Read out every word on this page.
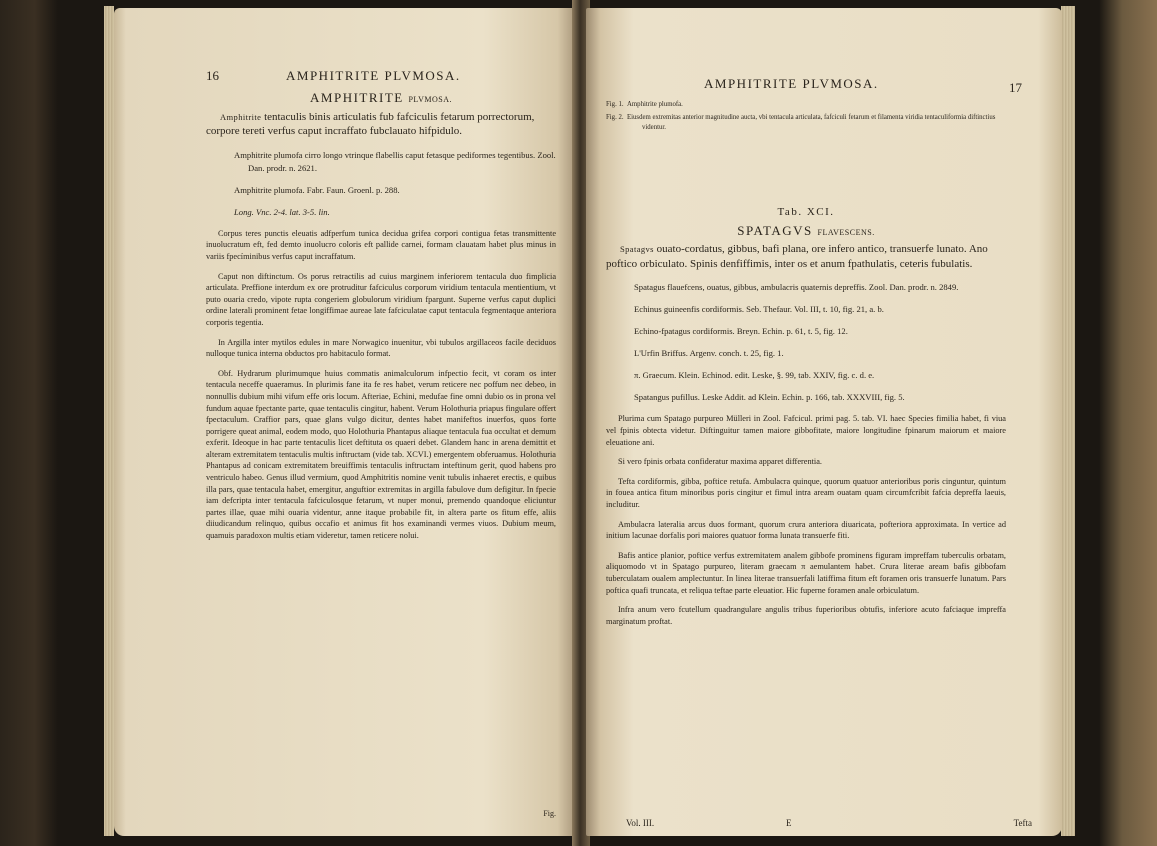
16	AMPHITRITE PLVMOSA.
AMPHITRITE PLVMOSA.
Amphitrite tentaculis binis articulatis fub fafciculis fetarum porrectorum, corpore tereti verfus caput incraffato fubclauato hifpidulo.
Amphitrite plumofa cirro longo vtrinque flabellis caput fetasque pediformes tegentibus. Zool. Dan. prodr. n. 2621.
Amphitrite plumofa. Fabr. Faun. Groenl. p. 288.
Long. Vnc. 2-4. lat. 3-5. lin.

Corpus teres punctis eleuatis adfperfum tunica decidua grifea corpori contigua fetas transmittente inuolucratum eft, fed demto inuolucro coloris eft pallide carnei, formam clauatam habet plus minus in variis fpecíminibus verfus caput incraffatum.

Caput non diftinctum. Os porus retractilis ad cuius marginem inferiorem tentacula duo fimplicia articulata. Preffione interdum ex ore protruditur fafciculus corporum viridium tentacula mentientium, vt puto ouaria credo, vipote rupta congeriem globulorum viridium fpargunt. Superne verfus caput duplici ordine laterali prominent fetae longiffimae aureae late fafciculatae caput tentacula fegmentaque anteriora corporis tegentia.

In Argilla inter mytilos edules in mare Norwagico inuenitur, vbi tubulos argillaceos facile deciduos nulloque tunica interna obductos pro habitaculo format.

Obf. Hydrarum plurimumque huius commatis animalculorum infpectio fecit, vt coram os inter tentacula neceffe quaeramus. In plurimis fane ita fe res habet, verum reticere nec poffum nec debeo, in nonnullis dubium mihi vifum effe oris locum. Afteriae, Echini, medufae fine omni dubio os in prona vel fundum aquae fpectante parte, quae tentaculis cingitur, habent. Verum Holothuria priapus fingulare offert fpectaculum. Craffior pars, quae glans vulgo dicitur, dentes habet manifeftos inuerfos, quos forte porrigere queat animal, eodem modo, quo Holothuria Phantapus aliaque tentacula fua occultat et demum exferit. Ideoque in hac parte tentaculis licet deftituta os quaeri debet. Glandem hanc in arena demittit et alteram extremitatem tentaculis multis inftructam (vide tab. XCVI.) emergentem obferuamus. Holothuria Phantapus ad conicam extremitatem breuiffimis tentaculis inftructam inteftinum gerit, quod habens pro ventriculo habeo. Genus illud vermium, quod Amphitritis nomine venit tubulis inhaeret erectis, e quibus illa pars, quae tentacula habet, emergitur, anguftior extremitas in argilla fabulove dum defigitur. In fpecie iam defcripta inter tentacula fafciculosque fetarum, vt nuper monui, premendo quandoque eliciuntur partes illae, quae mihi ouaria videntur, anne itaque probabile fit, in altera parte os fitum effe, aliis diiudicandum relinquo, quibus occafio et animus fit hos examinandi vermes viuos. Dubium meum, quamuis paradoxon multis etiam videretur, tamen reticere nolui.

Fig.
AMPHITRITE PLVMOSA.	17
Fig. 1. Amphitrite plumofa.
Fig. 2. Eiusdem extremitas anterior magnitudine aucta, vbi tentacula articulata, fafciculi fetarum et filamenta viridia tentaculiformia diftinctius videntur.
Tab. XCI.
SPATAGVS FLAVESCENS.
Spatagvs ouato-cordatus, gibbus, bafi plana, ore infero antico, transuerfe lunato. Ano poftico orbiculato. Spinis denfiffimis, inter os et anum fpathulatis, ceteris fubulatis.
Spatagus flauefcens, ouatus, gibbus, ambulacris quaternis depreffis. Zool. Dan. prodr. n. 2849.
Echinus guineenfis cordiformis. Seb. Thefaur. Vol. III, t. 10, fig. 21, a. b.
Echino-fpatagus cordiformis. Breyn. Echin. p. 61, t. 5, fig. 12.
L'Urfin Briffus. Argenv. conch. t. 25, fig. 1.
π. Graecum. Klein. Echinod. edit. Leske, §. 99, tab. XXIV, fig. c. d. e.
Spatangus pufillus. Leske Addit. ad Klein. Echin. p. 166, tab. XXXVIII, fig. 5.

Plurima cum Spatago purpureo Mülleri in Zool. Fafcicul. primi pag. 5. tab. VI. haec Species fimilia habet, fi viua vel fpinis obtecta videtur. Diftinguitur tamen maiore gibbofitate, maiore longitudine fpinarum maiorum et maiore eleuatione ani.

Si vero fpinis orbata confideratur maxima apparet differentia.

Tefta cordiformis, gibba, poftice retufa. Ambulacra quinque, quorum quatuor anterioribus poris cinguntur, quintum in fouea antica fitum minoribus poris cingitur et fimul intra aream ouatam quam circumfcribit fafcia depreffa laeuis, includitur.

Ambulacra lateralia arcus duos formant, quorum crura anteriora diuaricata, pofteriora approximata. In vertice ad initium lacunae dorfalis pori maiores quatuor forma lunata transuerfe fiti.

Bafis antice planior, poftice verfus extremitatem analem gibbofe prominens figuram impreffam tuberculis orbatam, aliquomodo vt in Spatago purpureo, literam graecam π aemulantem habet. Crura literae aream bafis gibbofam tuberculatam oualem amplectuntur. In linea literae transuerfali latiffima fitum eft foramen oris transuerfe lunatum. Pars poftica quafi truncata, et reliqua teftae parte eleuatior. Hic fuperne foramen anale orbiculatum.

Infra anum vero fcutellum quadrangulare angulis tribus fuperioribus obtufis, inferiore acuto fafciaque impreffa marginatum proftat.

Vol. III.	E	Tefta
